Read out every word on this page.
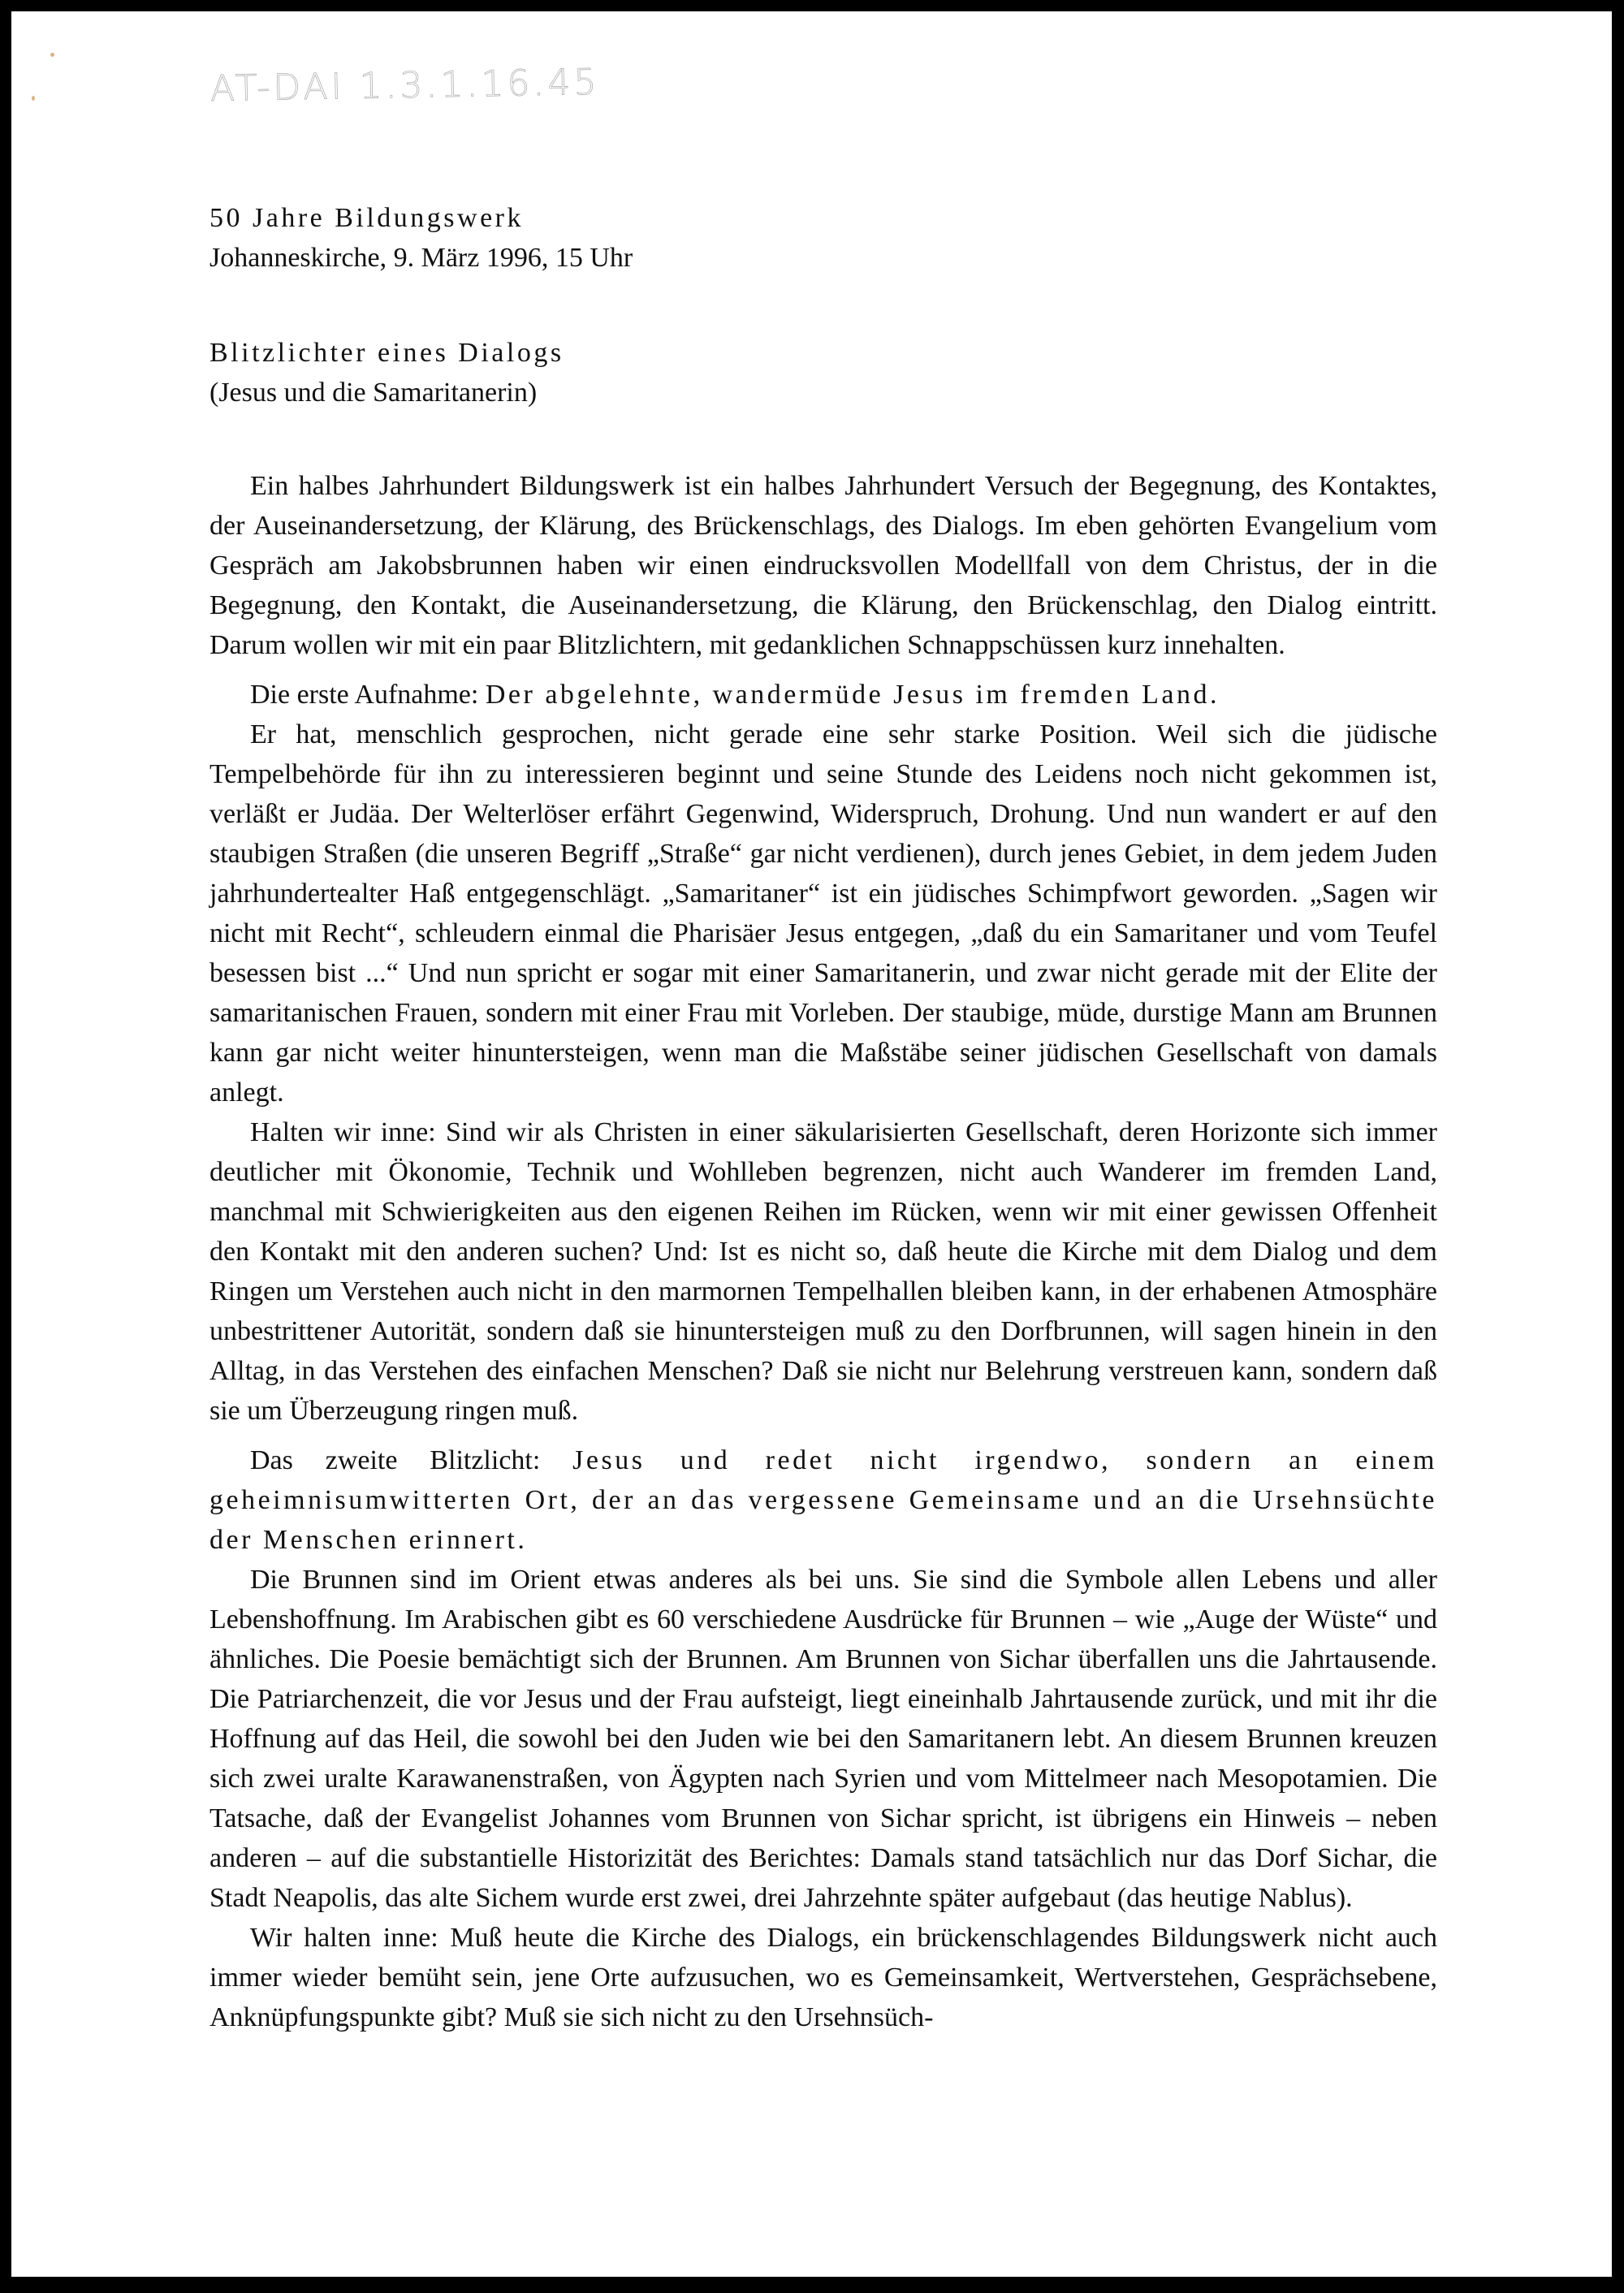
AT-DAI 1.3.1.16.45
50 Jahre Bildungswerk
Johanneskirche, 9. März 1996, 15 Uhr
Blitzlichter eines Dialogs
(Jesus und die Samaritanerin)

Ein halbes Jahrhundert Bildungswerk ist ein halbes Jahrhundert Versuch der Begegnung, des Kontaktes, der Auseinandersetzung, der Klärung, des Brückenschlags, des Dialogs. Im eben gehörten Evangelium vom Gespräch am Jakobsbrunnen haben wir einen eindrucksvollen Modellfall von dem Christus, der in die Begegnung, den Kontakt, die Auseinandersetzung, die Klärung, den Brückenschlag, den Dialog eintritt. Darum wollen wir mit ein paar Blitzlichtern, mit gedanklichen Schnappschüssen kurz innehalten.

Die erste Aufnahme: Der abgelehnte, wandermüde Jesus im fremden Land.

Er hat, menschlich gesprochen, nicht gerade eine sehr starke Position. Weil sich die jüdische Tempelbehörde für ihn zu interessieren beginnt und seine Stunde des Leidens noch nicht gekommen ist, verläßt er Judäa. Der Welterlöser erfährt Gegenwind, Widerspruch, Drohung. Und nun wandert er auf den staubigen Straßen (die unseren Begriff „Straße“ gar nicht verdienen), durch jenes Gebiet, in dem jedem Juden jahrhundertealter Haß entgegenschlägt. „Samaritaner“ ist ein jüdisches Schimpfwort geworden. „Sagen wir nicht mit Recht“, schleudern einmal die Pharisäer Jesus entgegen, „daß du ein Samaritaner und vom Teufel besessen bist ...“ Und nun spricht er sogar mit einer Samaritanerin, und zwar nicht gerade mit der Elite der samaritanischen Frauen, sondern mit einer Frau mit Vorleben. Der staubige, müde, durstige Mann am Brunnen kann gar nicht weiter hinuntersteigen, wenn man die Maßstäbe seiner jüdischen Gesellschaft von damals anlegt.

Halten wir inne: Sind wir als Christen in einer säkularisierten Gesellschaft, deren Horizonte sich immer deutlicher mit Ökonomie, Technik und Wohlleben begrenzen, nicht auch Wanderer im fremden Land, manchmal mit Schwierigkeiten aus den eigenen Reihen im Rücken, wenn wir mit einer gewissen Offenheit den Kontakt mit den anderen suchen? Und: Ist es nicht so, daß heute die Kirche mit dem Dialog und dem Ringen um Verstehen auch nicht in den marmornen Tempelhallen bleiben kann, in der erhabenen Atmosphäre unbestrittener Autorität, sondern daß sie hinuntersteigen muß zu den Dorfbrunnen, will sagen hinein in den Alltag, in das Verstehen des einfachen Menschen? Daß sie nicht nur Belehrung verstreuen kann, sondern daß sie um Überzeugung ringen muß.

Das zweite Blitzlicht: Jesus und redet nicht irgendwo, sondern an einem geheimnisumwitterten Ort, der an das vergessene Gemeinsame und an die Ursehnsüchte der Menschen erinnert.

Die Brunnen sind im Orient etwas anderes als bei uns. Sie sind die Symbole allen Lebens und aller Lebenshoffnung. Im Arabischen gibt es 60 verschiedene Ausdrücke für Brunnen – wie „Auge der Wüste“ und ähnliches. Die Poesie bemächtigt sich der Brunnen. Am Brunnen von Sichar überfallen uns die Jahrtausende. Die Patriarchenzeit, die vor Jesus und der Frau aufsteigt, liegt eineinhalb Jahrtausende zurück, und mit ihr die Hoffnung auf das Heil, die sowohl bei den Juden wie bei den Samaritanern lebt. An diesem Brunnen kreuzen sich zwei uralte Karawanenstraßen, von Ägypten nach Syrien und vom Mittelmeer nach Mesopotamien. Die Tatsache, daß der Evangelist Johannes vom Brunnen von Sichar spricht, ist übrigens ein Hinweis – neben anderen – auf die substantielle Historizität des Berichtes: Damals stand tatsächlich nur das Dorf Sichar, die Stadt Neapolis, das alte Sichem wurde erst zwei, drei Jahrzehnte später aufgebaut (das heutige Nablus).

Wir halten inne: Muß heute die Kirche des Dialogs, ein brückenschlagendes Bildungswerk nicht auch immer wieder bemüht sein, jene Orte aufzusuchen, wo es Gemeinsamkeit, Wertverstehen, Gesprächsebene, Anknüpfungspunkte gibt? Muß sie sich nicht zu den Ursehnsüch-
